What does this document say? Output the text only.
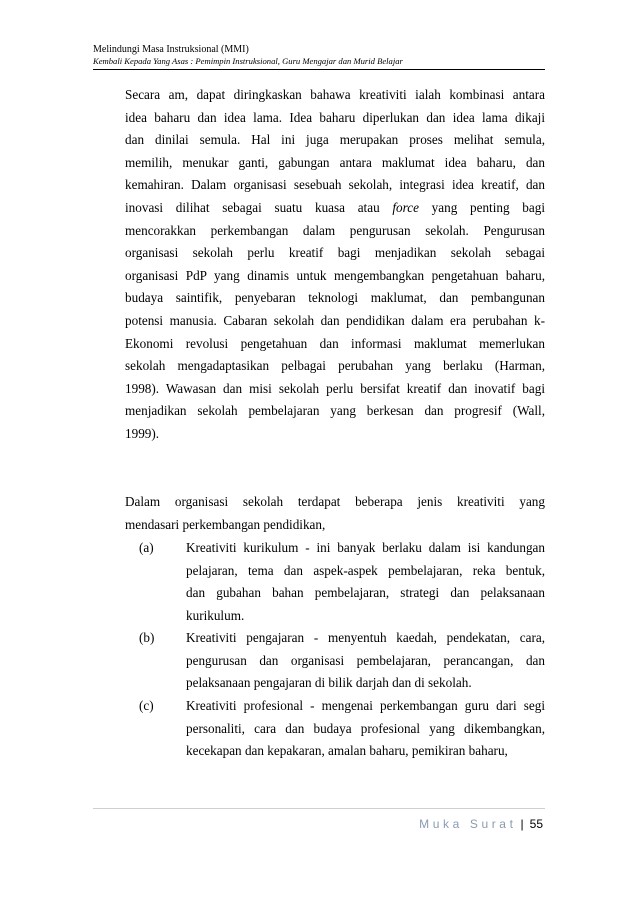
Melindungi Masa Instruksional (MMI)
Kembali Kepada Yang Asas : Pemimpin Instruksional, Guru Mengajar dan Murid Belajar
Secara am, dapat diringkaskan bahawa kreativiti ialah kombinasi antara
idea baharu dan idea lama. Idea baharu diperlukan dan idea lama dikaji
dan dinilai semula. Hal ini juga merupakan proses melihat semula,
memilih, menukar ganti, gabungan antara maklumat idea baharu, dan
kemahiran. Dalam organisasi sesebuah sekolah, integrasi idea kreatif, dan
inovasi dilihat sebagai suatu kuasa atau force yang penting bagi
mencorakkan perkembangan dalam pengurusan sekolah. Pengurusan
organisasi sekolah perlu kreatif bagi menjadikan sekolah sebagai
organisasi PdP yang dinamis untuk mengembangkan pengetahuan baharu,
budaya saintifik, penyebaran teknologi maklumat, dan pembangunan
potensi manusia. Cabaran sekolah dan pendidikan dalam era perubahan k-
Ekonomi revolusi pengetahuan dan informasi maklumat memerlukan
sekolah mengadaptasikan pelbagai perubahan yang berlaku (Harman,
1998). Wawasan dan misi sekolah perlu bersifat kreatif dan inovatif bagi
menjadikan sekolah pembelajaran yang berkesan dan progresif (Wall,
1999).
Dalam organisasi sekolah terdapat beberapa jenis kreativiti yang
mendasari perkembangan pendidikan,
(a) Kreativiti kurikulum - ini banyak berlaku dalam isi kandungan
pelajaran, tema dan aspek-aspek pembelajaran, reka bentuk,
dan gubahan bahan pembelajaran, strategi dan pelaksanaan
kurikulum.
(b) Kreativiti pengajaran - menyentuh kaedah, pendekatan, cara,
pengurusan dan organisasi pembelajaran, perancangan, dan
pelaksanaan pengajaran di bilik darjah dan di sekolah.
(c) Kreativiti profesional - mengenai perkembangan guru dari segi
personaliti, cara dan budaya profesional yang dikembangkan,
kecekapan dan kepakaran, amalan baharu, pemikiran baharu,
Muka Surat | 55
